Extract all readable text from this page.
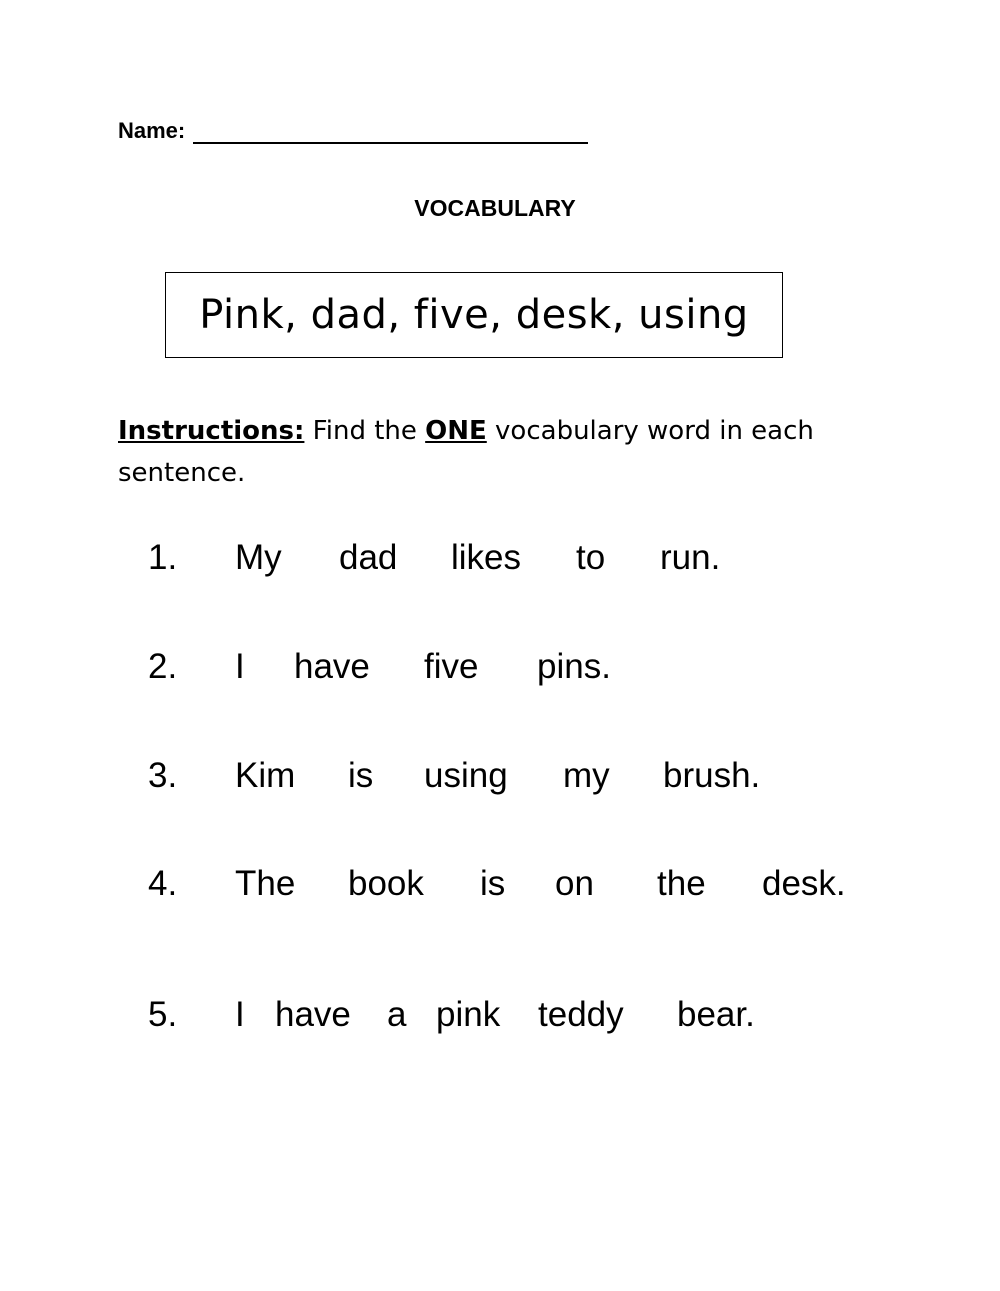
Name:
VOCABULARY
Pink, dad, five, desk, using
Instructions: Find the ONE vocabulary word in each sentence.
1.	My	dad	likes	to	run.
2.	I	have	five	pins.
3.	Kim	is	using	my	brush.
4.	The	book	is	on	the	desk.
5.	I have	a pink	teddy	bear.
